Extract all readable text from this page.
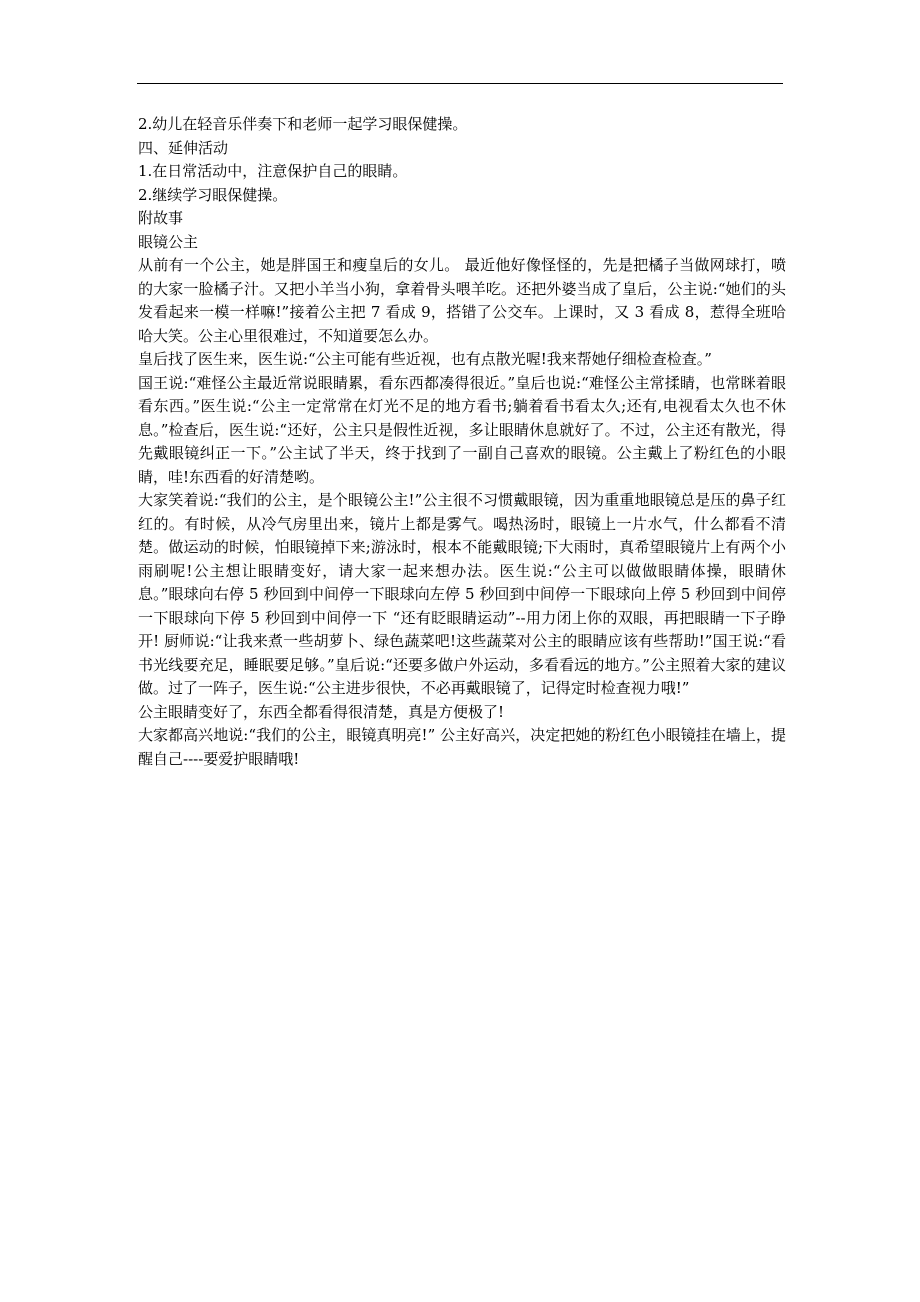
2.幼儿在轻音乐伴奏下和老师一起学习眼保健操。

四、延伸活动

1.在日常活动中，注意保护自己的眼睛。

2.继续学习眼保健操。

附故事

眼镜公主

从前有一个公主，她是胖国王和瘦皇后的女儿。 最近他好像怪怪的，先是把橘子当做网球打，喷的大家一脸橘子汁。又把小羊当小狗，拿着骨头喂羊吃。还把外婆当成了皇后，公主说:“她们的头发看起来一模一样嘛!”接着公主把 7 看成 9，搭错了公交车。上课时，又 3 看成 8，惹得全班哈哈大笑。公主心里很难过，不知道要怎么办。

皇后找了医生来，医生说:“公主可能有些近视，也有点散光喔!我来帮她仔细检查检查。”

国王说:“难怪公主最近常说眼睛累，看东西都凑得很近。”皇后也说:“难怪公主常揉睛，也常眯着眼看东西。”医生说:“公主一定常常在灯光不足的地方看书;躺着看书看太久;还有,电视看太久也不休息。”检查后，医生说:“还好，公主只是假性近视，多让眼睛休息就好了。不过，公主还有散光，得先戴眼镜纠正一下。”公主试了半天，终于找到了一副自己喜欢的眼镜。公主戴上了粉红色的小眼睛，哇!东西看的好清楚哟。

大家笑着说:“我们的公主，是个眼镜公主!”公主很不习惯戴眼镜，因为重重地眼镜总是压的鼻子红红的。有时候，从冷气房里出来，镜片上都是雾气。喝热汤时，眼镜上一片水气，什么都看不清楚。做运动的时候，怕眼镜掉下来;游泳时，根本不能戴眼镜;下大雨时，真希望眼镜片上有两个小雨刷呢!公主想让眼睛变好，请大家一起来想办法。医生说:“公主可以做做眼睛体操，眼睛休息。”眼球向右停 5 秒回到中间停一下眼球向左停 5 秒回到中间停一下眼球向上停 5 秒回到中间停一下眼球向下停 5 秒回到中间停一下 “还有眨眼睛运动”--用力闭上你的双眼，再把眼睛一下子睁开! 厨师说:“让我来煮一些胡萝卜、绿色蔬菜吧!这些蔬菜对公主的眼睛应该有些帮助!”国王说:“看书光线要充足，睡眠要足够。”皇后说:“还要多做户外运动，多看看远的地方。”公主照着大家的建议做。过了一阵子，医生说:“公主进步很快，不必再戴眼镜了，记得定时检查视力哦!”

公主眼睛变好了，东西全都看得很清楚，真是方便极了!

大家都高兴地说:“我们的公主，眼镜真明亮!” 公主好高兴，决定把她的粉红色小眼镜挂在墙上，提醒自己----要爱护眼睛哦!
